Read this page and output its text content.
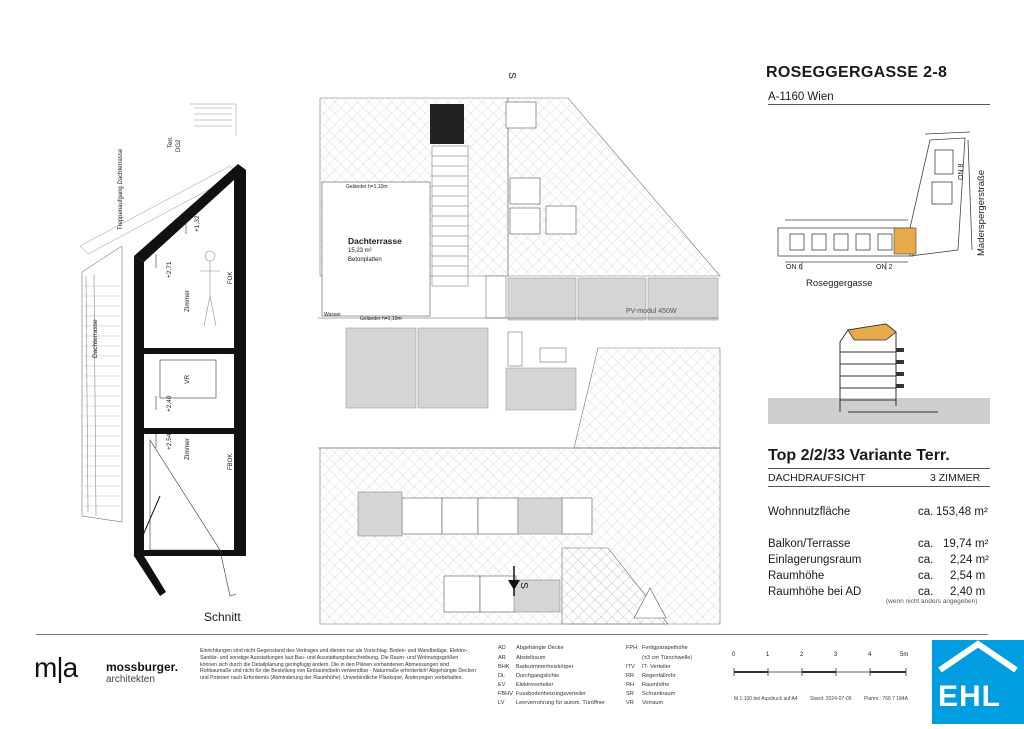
ROSEGGERGASSE 2-8
A-1160 Wien
ON 6	ON 2
ON 8
Roseggergasse
Maderspergerstraße
Top 2/2/33 Variante Terr.
DACHDRAUFSICHT	3 ZIMMER
Wohnnutzfläche	ca. 153,48 m²
Balkon/Terrasse	ca. 19,74 m²
Einlagerungsraum	ca. 2,24 m²
Raumhöhe	ca. 2,54 m
Raumhöhe bei AD	ca. 2,40 m
(wenn nicht anders angegeben)
Dachterrasse
Zimmer
VR
Zimmer
+2,71
+2,40
+2,54
+1,32
FOK
FBOK
Terr. DG2
Treppenaufgang Dachterrasse
Schnitt
S
S
Geländer h=1,10m
Geländer h=1,10m
Wasser
Dachterrasse
15,23 m²
Betonplatten
PV-modul 450W
m|a mossburger.
architekten
Einrichtungen sind nicht Gegenstand des Vertrages und dienen nur als Vorschlag. Boden- und Wandbeläge, Elektro-, Sanitär- und sonstige Ausstattungen laut Bau- und Ausstattungsbeschreibung. Die Raum- und Wohnungsgrößen können sich durch die Detailplanung geringfügig ändern. Die in den Plänen vorhandenen Abmessungen sind Rohbaumaße und nicht für die Bestellung von Einbaumöbeln verwendbar - Naturmaße erforderlich! Abgehängte Decken und Poterien nach Erfordernis (Abminderung der Raumhöhe). Unverbindliche Plankopie, Änderungen vorbehalten.
AD Abgehängte Decke
AR Abstellraum
BHK Badezimmerheizkörper
DL Durchgangslichte
EV Elektroverteiler
FBHV Fussbodenheizungsverteiler
LV Leerverrohrung für autom. Türöffner
FPH Fertigparapethöhe
(±3 cm Türschwelle)
ITV IT- Verteiler
RR Regenfallrohr
RH Raumhöhe
SR Schrankraum
VR Vorraum
0	1	2	3	4	5m
M 1:100 bei Ausdruck auf A4 Stand: 2024-07-09	Plannr.: 769 7 184A EHL
